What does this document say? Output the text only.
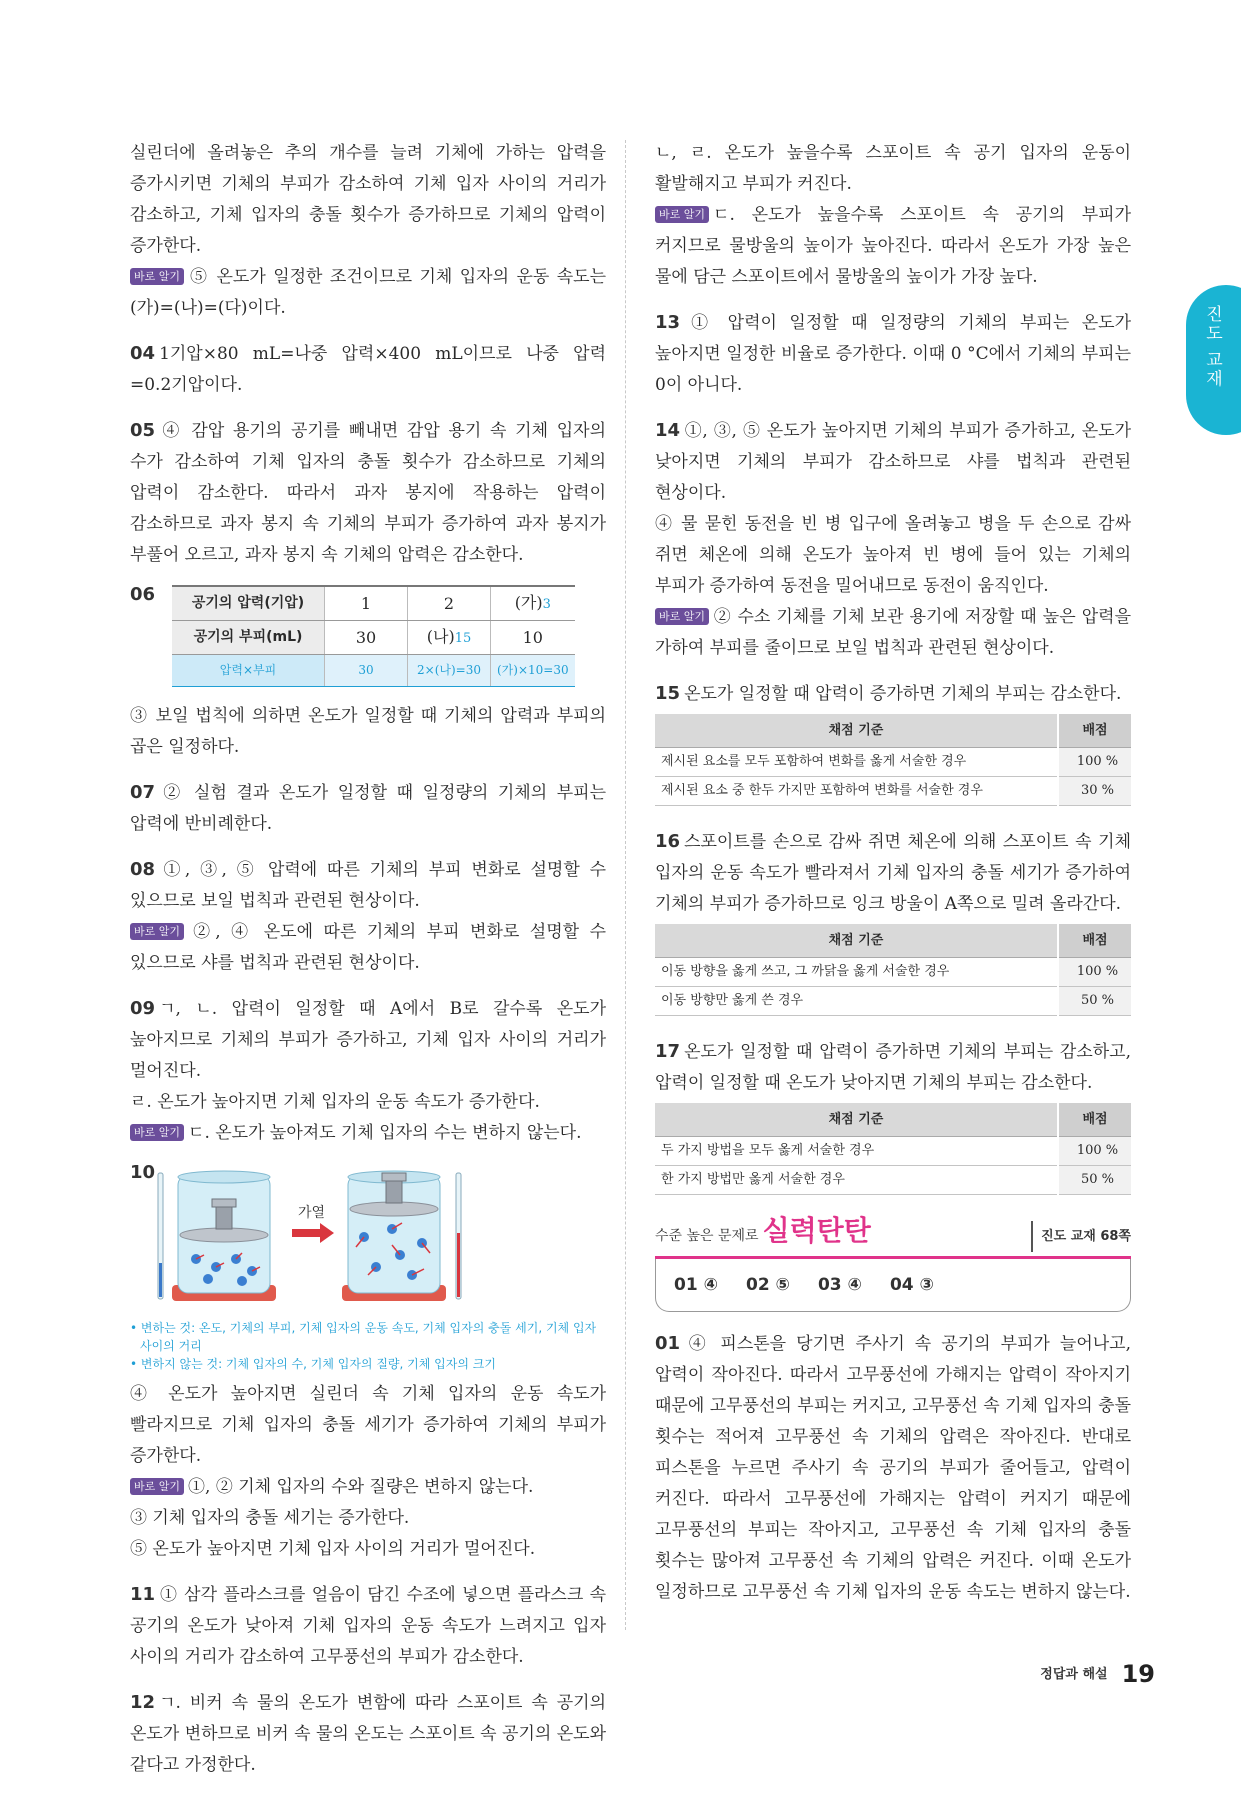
진도 교재

실린더에 올려놓은 추의 개수를 늘려 기체에 가하는 압력을 증가시키면 기체의 부피가 감소하여 기체 입자 사이의 거리가 감소하고, 기체 입자의 충돌 횟수가 증가하므로 기체의 압력이 증가한다.

바로 알기 ⑤ 온도가 일정한 조건이므로 기체 입자의 운동 속도는 (가)=(나)=(다)이다.

04 1기압×80 mL=나중 압력×400 mL이므로 나중 압력=0.2기압이다.

05 ④ 감압 용기의 공기를 빼내면 감압 용기 속 기체 입자의 수가 감소하여 기체 입자의 충돌 횟수가 감소하므로 기체의 압력이 감소한다. 따라서 과자 봉지에 작용하는 압력이 감소하므로 과자 봉지 속 기체의 부피가 증가하여 과자 봉지가 부풀어 오르고, 과자 봉지 속 기체의 압력은 감소한다.

06	공기의 압력(기압)	1	2	(가)3
공기의 부피(mL)	30	(나)15	10
압력×부피	30	2×(나)=30	(가)×10=30

③ 보일 법칙에 의하면 온도가 일정할 때 기체의 압력과 부피의 곱은 일정하다.

07 ② 실험 결과 온도가 일정할 때 일정량의 기체의 부피는 압력에 반비례한다.

08 ①, ③, ⑤ 압력에 따른 기체의 부피 변화로 설명할 수 있으므로 보일 법칙과 관련된 현상이다.

바로 알기 ②, ④ 온도에 따른 기체의 부피 변화로 설명할 수 있으므로 샤를 법칙과 관련된 현상이다.

09 ㄱ, ㄴ. 압력이 일정할 때 A에서 B로 갈수록 온도가 높아지므로 기체의 부피가 증가하고, 기체 입자 사이의 거리가 멀어진다.

ㄹ. 온도가 높아지면 기체 입자의 운동 속도가 증가한다.

바로 알기 ㄷ. 온도가 높아져도 기체 입자의 수는 변하지 않는다.

10
가열
• 변하는 것: 온도, 기체의 부피, 기체 입자의 운동 속도, 기체 입자의 충돌 세기, 기체 입자 사이의 거리
• 변하지 않는 것: 기체 입자의 수, 기체 입자의 질량, 기체 입자의 크기

④ 온도가 높아지면 실린더 속 기체 입자의 운동 속도가 빨라지므로 기체 입자의 충돌 세기가 증가하여 기체의 부피가 증가한다.

바로 알기 ①, ② 기체 입자의 수와 질량은 변하지 않는다.

③ 기체 입자의 충돌 세기는 증가한다.

⑤ 온도가 높아지면 기체 입자 사이의 거리가 멀어진다.

11 ① 삼각 플라스크를 얼음이 담긴 수조에 넣으면 플라스크 속 공기의 온도가 낮아져 기체 입자의 운동 속도가 느려지고 입자 사이의 거리가 감소하여 고무풍선의 부피가 감소한다.

12 ㄱ. 비커 속 물의 온도가 변함에 따라 스포이트 속 공기의 온도가 변하므로 비커 속 물의 온도는 스포이트 속 공기의 온도와 같다고 가정한다.

ㄴ, ㄹ. 온도가 높을수록 스포이트 속 공기 입자의 운동이 활발해지고 부피가 커진다.

바로 알기 ㄷ. 온도가 높을수록 스포이트 속 공기의 부피가 커지므로 물방울의 높이가 높아진다. 따라서 온도가 가장 높은 물에 담근 스포이트에서 물방울의 높이가 가장 높다.

13 ① 압력이 일정할 때 일정량의 기체의 부피는 온도가 높아지면 일정한 비율로 증가한다. 이때 0 °C에서 기체의 부피는 0이 아니다.

14 ①, ③, ⑤ 온도가 높아지면 기체의 부피가 증가하고, 온도가 낮아지면 기체의 부피가 감소하므로 샤를 법칙과 관련된 현상이다.

④ 물 묻힌 동전을 빈 병 입구에 올려놓고 병을 두 손으로 감싸 쥐면 체온에 의해 온도가 높아져 빈 병에 들어 있는 기체의 부피가 증가하여 동전을 밀어내므로 동전이 움직인다.

바로 알기 ② 수소 기체를 기체 보관 용기에 저장할 때 높은 압력을 가하여 부피를 줄이므로 보일 법칙과 관련된 현상이다.

15 온도가 일정할 때 압력이 증가하면 기체의 부피는 감소한다.

채점 기준	배점
제시된 요소를 모두 포함하여 변화를 옳게 서술한 경우	100 %
제시된 요소 중 한두 가지만 포함하여 변화를 서술한 경우	30 %

16 스포이트를 손으로 감싸 쥐면 체온에 의해 스포이트 속 기체 입자의 운동 속도가 빨라져서 기체 입자의 충돌 세기가 증가하여 기체의 부피가 증가하므로 잉크 방울이 A쪽으로 밀려 올라간다.

채점 기준	배점
이동 방향을 옳게 쓰고, 그 까닭을 옳게 서술한 경우	100 %
이동 방향만 옳게 쓴 경우	50 %

17 온도가 일정할 때 압력이 증가하면 기체의 부피는 감소하고, 압력이 일정할 때 온도가 낮아지면 기체의 부피는 감소한다.

채점 기준	배점
두 가지 방법을 모두 옳게 서술한 경우	100 %
한 가지 방법만 옳게 서술한 경우	50 %
수준 높은 문제로 실력탄탄	진도 교재 68쪽
01 ④ 02 ⑤ 03 ④ 04 ③

01 ④ 피스톤을 당기면 주사기 속 공기의 부피가 늘어나고, 압력이 작아진다. 따라서 고무풍선에 가해지는 압력이 작아지기 때문에 고무풍선의 부피는 커지고, 고무풍선 속 기체 입자의 충돌 횟수는 적어져 고무풍선 속 기체의 압력은 작아진다. 반대로 피스톤을 누르면 주사기 속 공기의 부피가 줄어들고, 압력이 커진다. 따라서 고무풍선에 가해지는 압력이 커지기 때문에 고무풍선의 부피는 작아지고, 고무풍선 속 기체 입자의 충돌 횟수는 많아져 고무풍선 속 기체의 압력은 커진다. 이때 온도가 일정하므로 고무풍선 속 기체 입자의 운동 속도는 변하지 않는다.

$^{정답과 해설}$ 19
